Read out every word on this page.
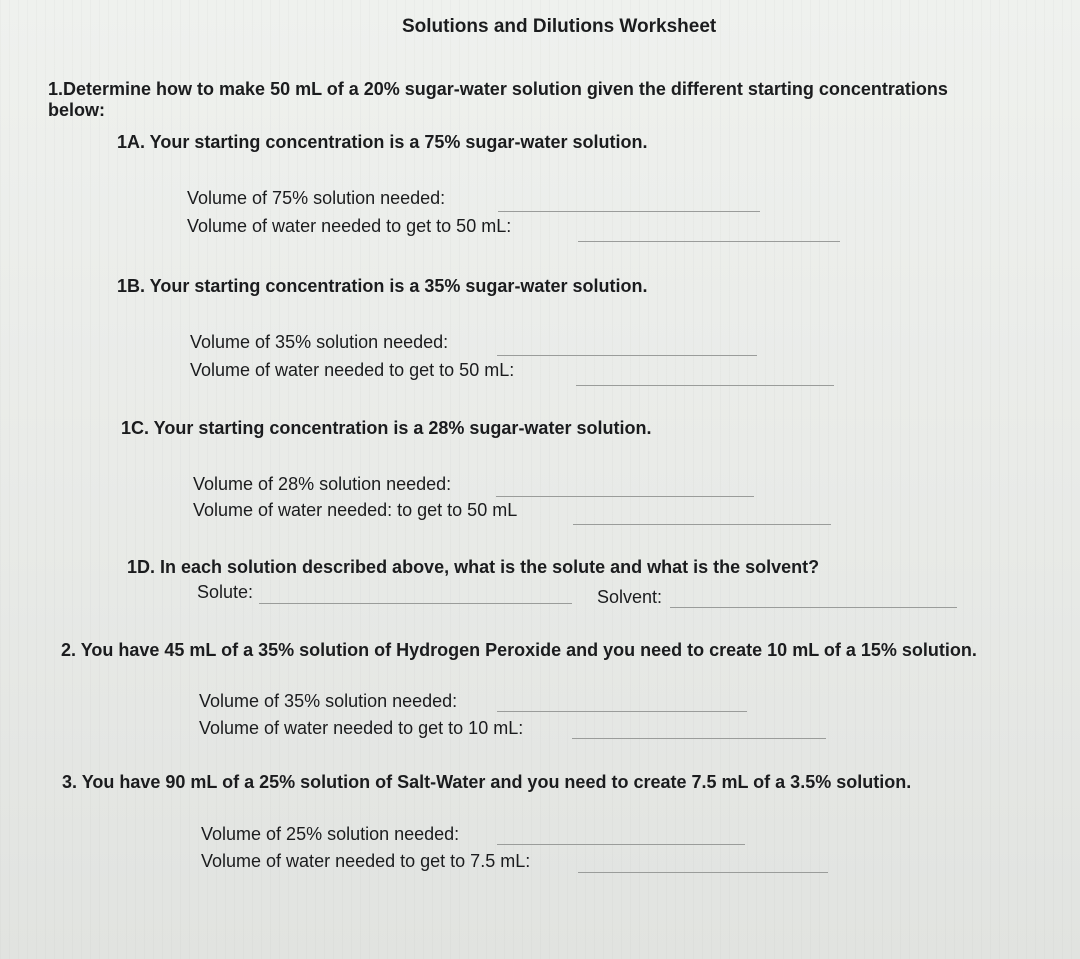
Solutions and Dilutions Worksheet
1.Determine how to make 50 mL of a 20% sugar-water solution given the different starting concentrations
below:
1A. Your starting concentration is a 75% sugar-water solution.
Volume of 75% solution needed:
Volume of water needed to get to 50 mL:
1B. Your starting concentration is a 35% sugar-water solution.
Volume of 35% solution needed:
Volume of water needed to get to 50 mL:
1C. Your starting concentration is a 28% sugar-water solution.
Volume of 28% solution needed:
Volume of water needed: to get to 50 mL
1D. In each solution described above, what is the solute and what is the solvent?
Solute:	Solvent:
2. You have 45 mL of a 35% solution of Hydrogen Peroxide and you need to create 10 mL of a 15% solution.
Volume of 35% solution needed:
Volume of water needed to get to 10 mL:
3. You have 90 mL of a 25% solution of Salt-Water and you need to create 7.5 mL of a 3.5% solution.
Volume of 25% solution needed:
Volume of water needed to get to 7.5 mL:
